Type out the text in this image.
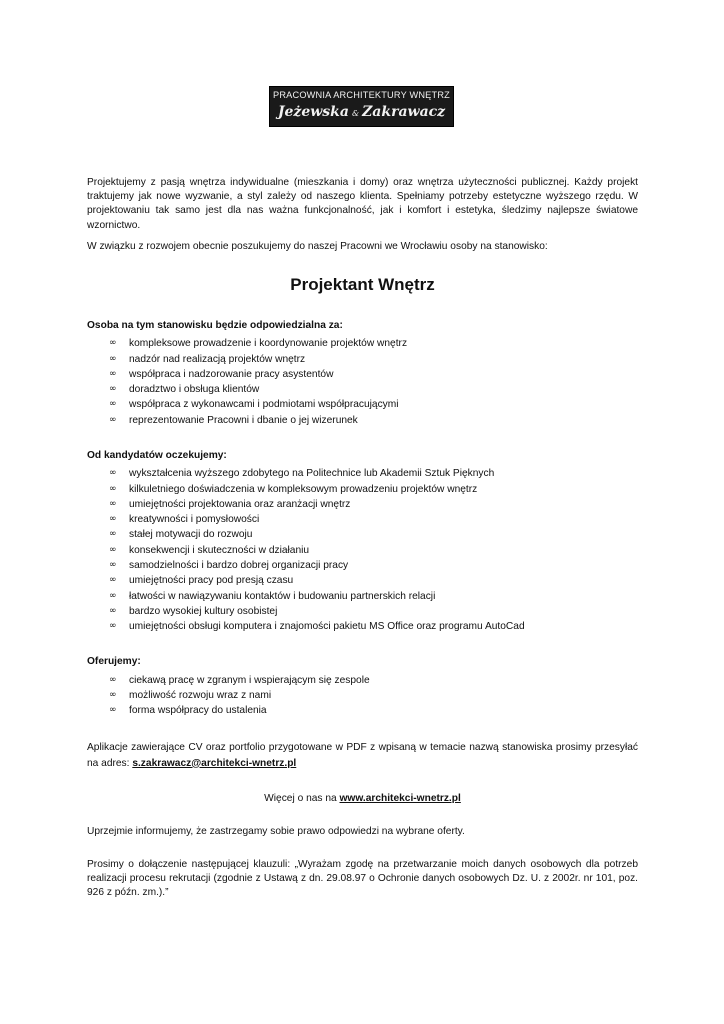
PRACOWNIA ARCHITEKTURY WNĘTRZ
Jeżewska & Zakrawacz

Projektujemy z pasją wnętrza indywidualne (mieszkania i domy) oraz wnętrza użyteczności publicznej. Każdy projekt traktujemy jak nowe wyzwanie, a styl zależy od naszego klienta. Spełniamy potrzeby estetyczne wyższego rzędu. W projektowaniu tak samo jest dla nas ważna funkcjonalność, jak i komfort i estetyka, śledzimy najlepsze światowe wzornictwo.

W związku z rozwojem obecnie poszukujemy do naszej Pracowni we Wrocławiu osoby na stanowisko:

Projektant Wnętrz

Osoba na tym stanowisku będzie odpowiedzialna za:

∞ kompleksowe prowadzenie i koordynowanie projektów wnętrz
∞ nadzór nad realizacją projektów wnętrz
∞ współpraca i nadzorowanie pracy asystentów
∞ doradztwo i obsługa klientów
∞ współpraca z wykonawcami i podmiotami współpracującymi
∞ reprezentowanie Pracowni i dbanie o jej wizerunek

Od kandydatów oczekujemy:

∞ wykształcenia wyższego zdobytego na Politechnice lub Akademii Sztuk Pięknych
∞ kilkuletniego doświadczenia w kompleksowym prowadzeniu projektów wnętrz
∞ umiejętności projektowania oraz aranżacji wnętrz
∞ kreatywności i pomysłowości
∞ stałej motywacji do rozwoju
∞ konsekwencji i skuteczności w działaniu
∞ samodzielności i bardzo dobrej organizacji pracy
∞ umiejętności pracy pod presją czasu
∞ łatwości w nawiązywaniu kontaktów i budowaniu partnerskich relacji
∞ bardzo wysokiej kultury osobistej
∞ umiejętności obsługi komputera i znajomości pakietu MS Office oraz programu AutoCad

Oferujemy:

∞ ciekawą pracę w zgranym i wspierającym się zespole
∞ możliwość rozwoju wraz z nami
∞ forma współpracy do ustalenia

Aplikacje zawierające CV oraz portfolio przygotowane w PDF z wpisaną w temacie nazwą stanowiska prosimy przesyłać na adres: s.zakrawacz@architekci-wnetrz.pl

Więcej o nas na www.architekci-wnetrz.pl

Uprzejmie informujemy, że zastrzegamy sobie prawo odpowiedzi na wybrane oferty.

Prosimy o dołączenie następującej klauzuli: „Wyrażam zgodę na przetwarzanie moich danych osobowych dla potrzeb realizacji procesu rekrutacji (zgodnie z Ustawą z dn. 29.08.97 o Ochronie danych osobowych Dz. U. z 2002r. nr 101, poz. 926 z późn. zm.).”
